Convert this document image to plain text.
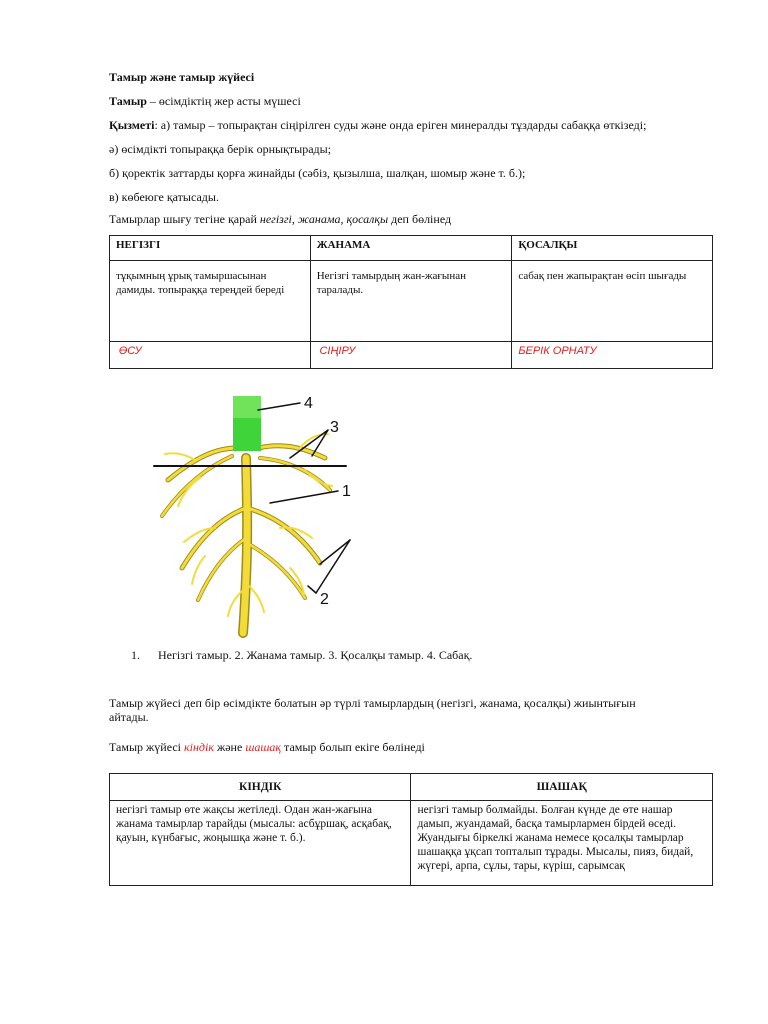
Тамыр және тамыр жүйесі
Тамыр – өсімдіктің жер асты мүшесі
Қызметі: а) тамыр – топырақтан сіңірілген суды және онда еріген минералды тұздарды сабаққа өткізеді;
ә) өсімдікті топыраққа берік орнықтырады;
б) қоректік заттарды қорға жинайды (сәбіз, қызылша, шалқан, шомыр және т. б.);
в) көбеюге қатысады.
Тамырлар шығу тегіне қарай негізгі, жанама, қосалқы деп бөлінед
НЕГІЗГІ	ЖАНАМА	ҚОСАЛҚЫ
тұқымның ұрық тамыршасынан дамиды. топыраққа тереңдей береді	Негізгі тамырдың жан-жағынан таралады.	сабақ пен жапырақтан өсіп шығады
ӨСУ	СІҢІРУ	БЕРІК ОРНАТУ
4
3
1
2
1. Негізгі тамыр. 2. Жанама тамыр. 3. Қосалқы тамыр. 4. Сабақ.
Тамыр жүйесі деп бір өсімдікте болатын әр түрлі тамырлардың (негізгі, жанама, қосалқы) жиынтығын
айтады.
Тамыр жүйесі кіндік және шашақ тамыр болып екіге бөлінеді
КІНДІК	ШАШАҚ
негізгі тамыр өте жақсы жетіледі. Одан жан-жағына жанама тамырлар тарайды (мысалы: асбұршақ, асқабақ, қауын, күнбағыс, жоңышқа және т. б.).	негізгі тамыр болмайды. Болған күнде де өте нашар дамып, жуандамай, басқа тамырлармен бірдей өседі. Жуандығы біркелкі жанама немесе қосалқы тамырлар шашаққа ұқсап топталып тұрады. Мысалы, пияз, бидай, жүгері, арпа, сұлы, тары, күріш, сарымсақ
